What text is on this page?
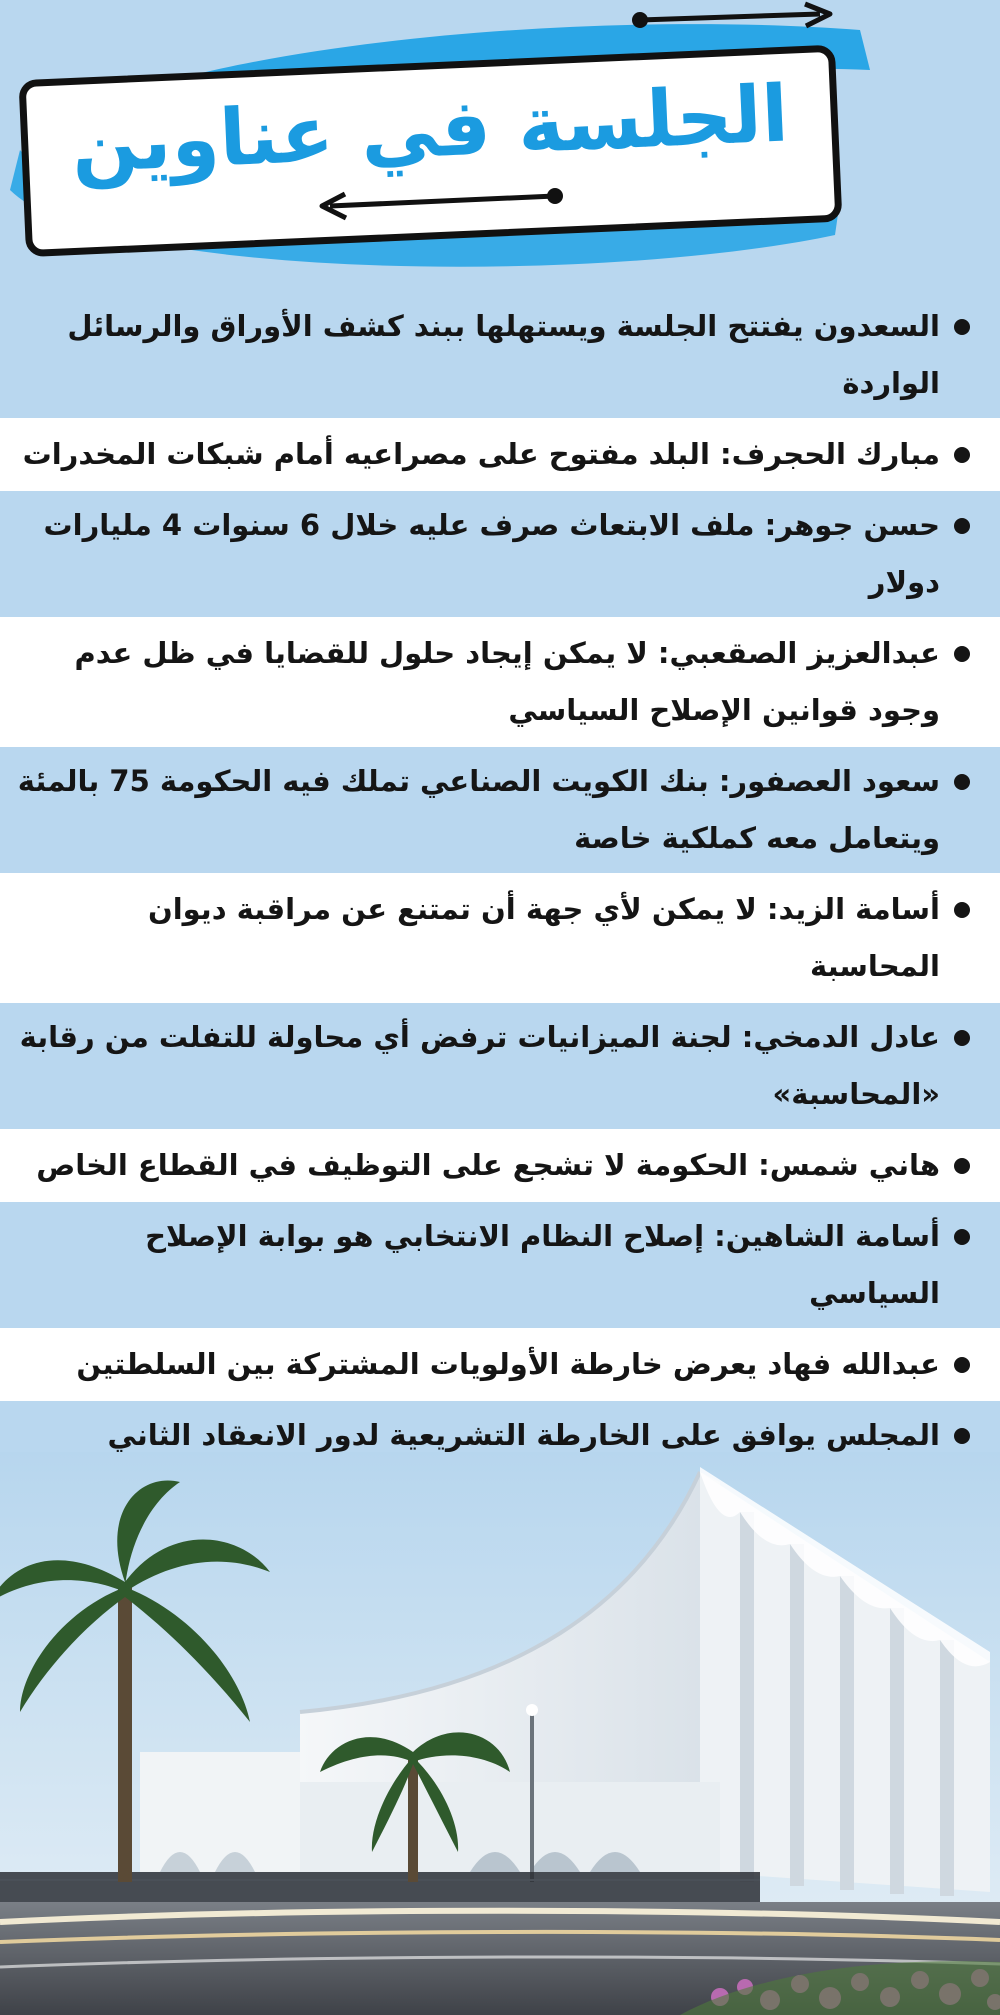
الجلسة في عناوين
السعدون يفتتح الجلسة ويستهلها ببند كشف الأوراق والرسائل الواردة
مبارك الحجرف: البلد مفتوح على مصراعيه أمام شبكات المخدرات
حسن جوهر: ملف الابتعاث صرف عليه خلال 6 سنوات 4 مليارات دولار
عبدالعزيز الصقعبي: لا يمكن إيجاد حلول للقضايا في ظل عدم وجود قوانين الإصلاح السياسي
سعود العصفور: بنك الكويت الصناعي تملك فيه الحكومة 75 بالمئة ويتعامل معه كملكية خاصة
أسامة الزيد: لا يمكن لأي جهة أن تمتنع عن مراقبة ديوان المحاسبة
عادل الدمخي: لجنة الميزانيات ترفض أي محاولة للتفلت من رقابة «المحاسبة»
هاني شمس: الحكومة لا تشجع على التوظيف في القطاع الخاص
أسامة الشاهين: إصلاح النظام الانتخابي هو بوابة الإصلاح السياسي
عبدالله فهاد يعرض خارطة الأولويات المشتركة بين السلطتين
المجلس يوافق على الخارطة التشريعية لدور الانعقاد الثاني
